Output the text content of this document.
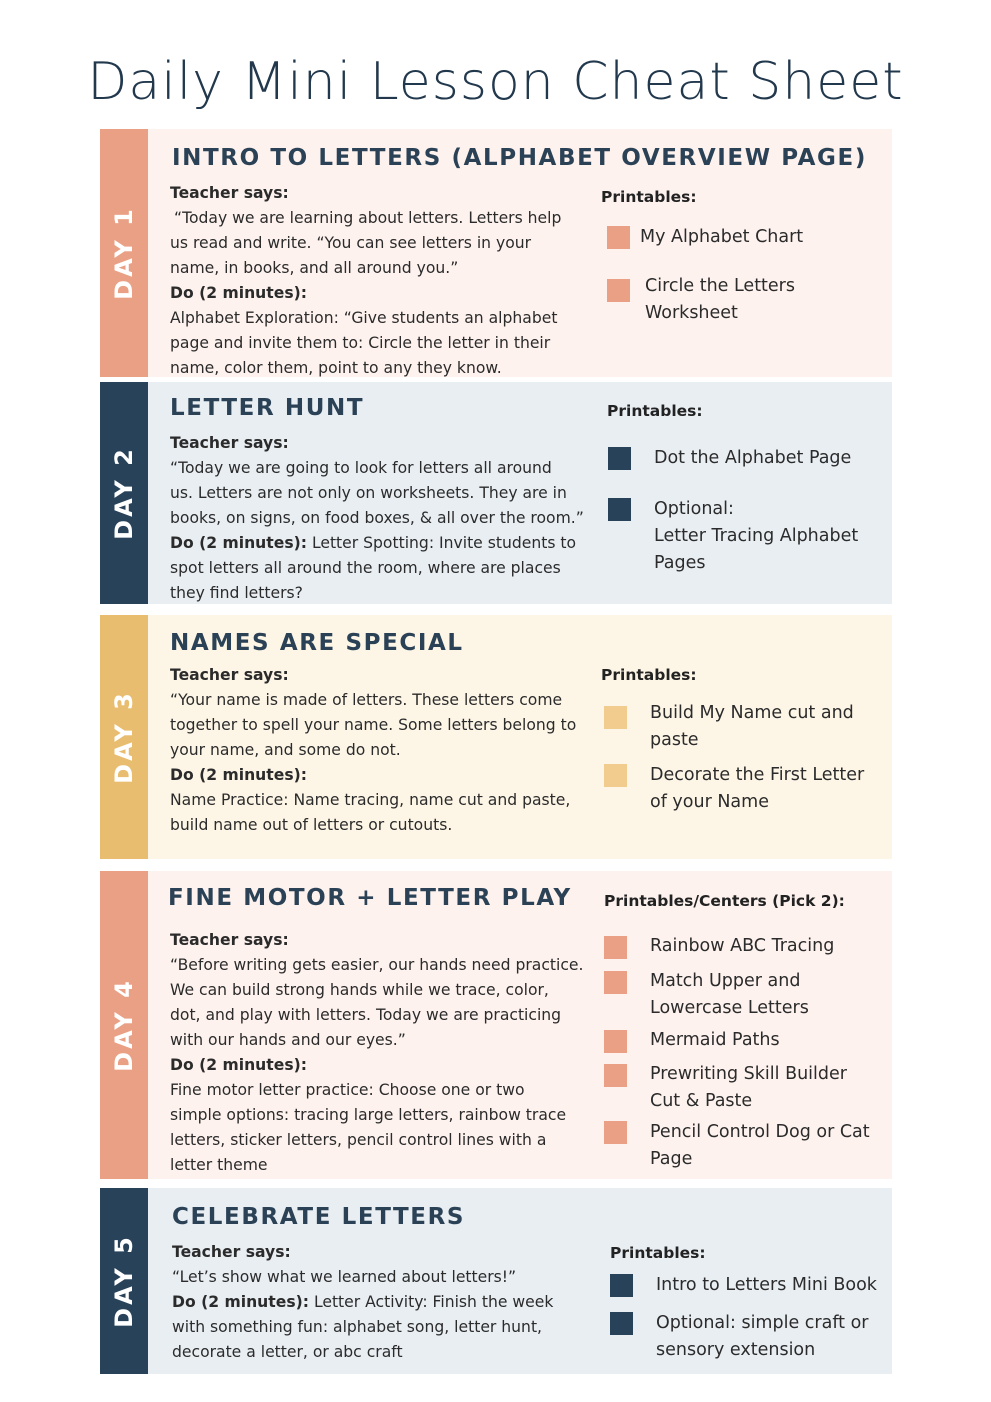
Daily Mini Lesson Cheat Sheet
DAY 1
INTRO TO LETTERS (ALPHABET OVERVIEW PAGE)
Teacher says:
“Today we are learning about letters. Letters help
us read and write. “You can see letters in your
name, in books, and all around you.”
Do (2 minutes):
Alphabet Exploration: “Give students an alphabet
page and invite them to: Circle the letter in their
name, color them, point to any they know.
Printables:
My Alphabet Chart
Circle the Letters
Worksheet
DAY 2
LETTER HUNT
Teacher says:
“Today we are going to look for letters all around
us. Letters are not only on worksheets. They are in
books, on signs, on food boxes, & all over the room.”
Do (2 minutes): Letter Spotting: Invite students to
spot letters all around the room, where are places
they find letters?
Printables:
Dot the Alphabet Page
Optional:
Letter Tracing Alphabet
Pages
DAY 3
NAMES ARE SPECIAL
Teacher says:
“Your name is made of letters. These letters come
together to spell your name. Some letters belong to
your name, and some do not.
Do (2 minutes):
Name Practice: Name tracing, name cut and paste,
build name out of letters or cutouts.
Printables:
Build My Name cut and
paste
Decorate the First Letter
of your Name
DAY 4
FINE MOTOR + LETTER PLAY
Teacher says:
“Before writing gets easier, our hands need practice.
We can build strong hands while we trace, color,
dot, and play with letters. Today we are practicing
with our hands and our eyes.”
Do (2 minutes):
Fine motor letter practice: Choose one or two
simple options: tracing large letters, rainbow trace
letters, sticker letters, pencil control lines with a
letter theme
Printables/Centers (Pick 2):
Rainbow ABC Tracing
Match Upper and
Lowercase Letters
Mermaid Paths
Prewriting Skill Builder
Cut & Paste
Pencil Control Dog or Cat
Page
DAY 5
CELEBRATE LETTERS
Teacher says:
“Let’s show what we learned about letters!”
Do (2 minutes): Letter Activity: Finish the week
with something fun: alphabet song, letter hunt,
decorate a letter, or abc craft
Printables:
Intro to Letters Mini Book
Optional: simple craft or
sensory extension
